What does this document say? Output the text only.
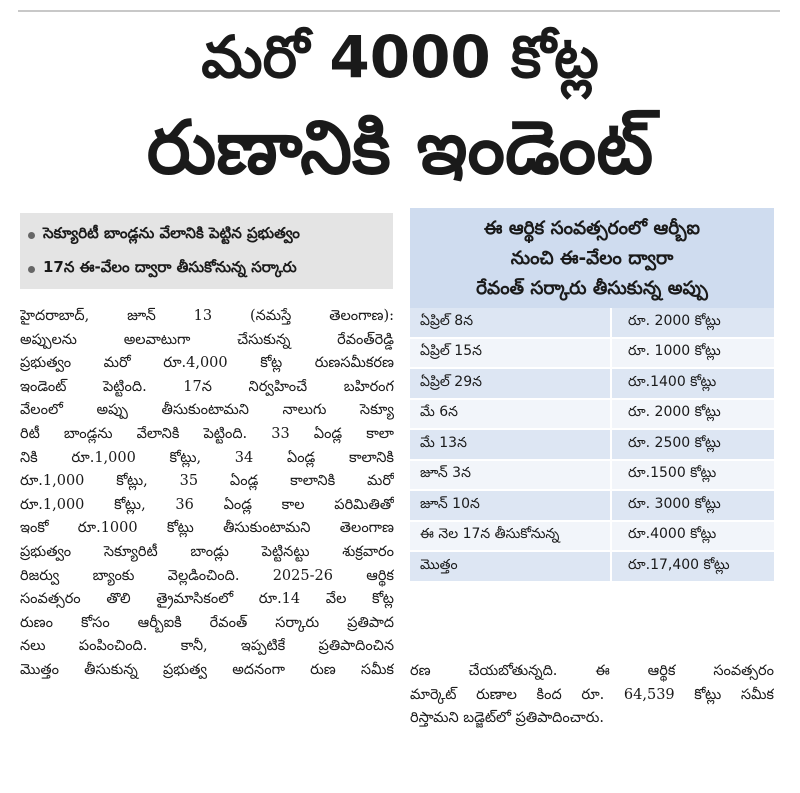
మరో 4000 కోట్ల
రుణానికి ఇండెంట్
సెక్యూరిటీ బాండ్లను వేలానికి పెట్టిన ప్రభుత్వం
17న ఈ-వేలం ద్వారా తీసుకోనున్న సర్కారు
హైదరాబాద్, జూన్ 13 (నమస్తే తెలంగాణ):
అప్పులను అలవాటుగా చేసుకున్న రేవంత్‌రెడ్డి
ప్రభుత్వం మరో రూ.4,000 కోట్ల రుణసమీకరణ
ఇండెంట్ పెట్టింది. 17న నిర్వహించే బహిరంగ
వేలంలో అప్పు తీసుకుంటామని నాలుగు సెక్యూ
రిటీ బాండ్లను వేలానికి పెట్టింది. 33 ఏండ్ల కాలా
నికి రూ.1,000 కోట్లు, 34 ఏండ్ల కాలానికి
రూ.1,000 కోట్లు, 35 ఏండ్ల కాలానికి మరో
రూ.1,000 కోట్లు, 36 ఏండ్ల కాల పరిమితితో
ఇంకో రూ.1000 కోట్లు తీసుకుంటామని తెలంగాణ
ప్రభుత్వం సెక్యూరిటీ బాండ్లు పెట్టినట్టు శుక్రవారం
రిజర్వు బ్యాంకు వెల్లడించింది. 2025-26 ఆర్థిక
సంవత్సరం తొలి త్రైమాసికంలో రూ.14 వేల కోట్ల
రుణం కోసం ఆర్బీఐకి రేవంత్ సర్కారు ప్రతిపాద
నలు పంపించింది. కానీ, ఇప్పటికే ప్రతిపాదించిన
మొత్తం తీసుకున్న ప్రభుత్వ అదనంగా రుణ సమీక
ఈ ఆర్థిక సంవత్సరంలో ఆర్బీఐ
నుంచి ఈ-వేలం ద్వారా
రేవంత్ సర్కారు తీసుకున్న అప్పు
ఏప్రిల్ 8న	రూ. 2000 కోట్లు
ఏప్రిల్ 15న	రూ. 1000 కోట్లు
ఏప్రిల్ 29న	రూ.1400 కోట్లు
మే 6న	రూ. 2000 కోట్లు
మే 13న	రూ. 2500 కోట్లు
జూన్ 3న	రూ.1500 కోట్లు
జూన్ 10న	రూ. 3000 కోట్లు
ఈ నెల 17న తీసుకోనున్న	రూ.4000 కోట్లు
మొత్తం	రూ.17,400 కోట్లు
రణ చేయబోతున్నది. ఈ ఆర్థిక సంవత్సరం
మార్కెట్ రుణాల కింద రూ. 64,539 కోట్లు సమీక
రిస్తామని బడ్జెట్‌లో ప్రతిపాదించారు.
